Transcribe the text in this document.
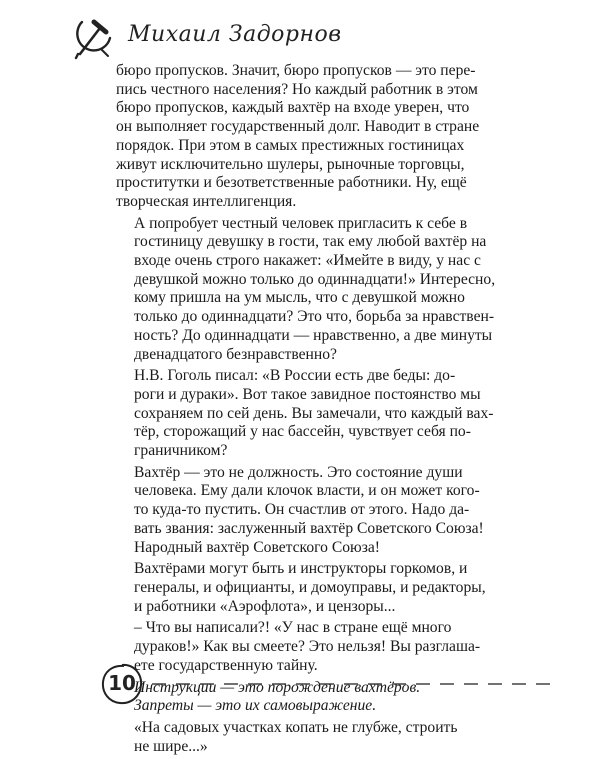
Михаил Задорнов
бюро пропусков. Значит, бюро пропусков — это пере-
пись честного населения? Но каждый работник в этом
бюро пропусков, каждый вахтёр на входе уверен, что
он выполняет государственный долг. Наводит в стране
порядок. При этом в самых престижных гостиницах
живут исключительно шулеры, рыночные торговцы,
проститутки и безответственные работники. Ну, ещё
творческая интеллигенция.
А попробует честный человек пригласить к себе в
гостиницу девушку в гости, так ему любой вахтёр на
входе очень строго накажет: «Имейте в виду, у нас с
девушкой можно только до одиннадцати!» Интересно,
кому пришла на ум мысль, что с девушкой можно
только до одиннадцати? Это что, борьба за нравствен-
ность? До одиннадцати — нравственно, а две минуты
двенадцатого безнравственно?
Н.В. Гоголь писал: «В России есть две беды: до-
роги и дураки». Вот такое завидное постоянство мы
сохраняем по сей день. Вы замечали, что каждый вах-
тёр, сторожащий у нас бассейн, чувствует себя по-
граничником?
Вахтёр — это не должность. Это состояние души
человека. Ему дали клочок власти, и он может кого-
то куда-то пустить. Он счастлив от этого. Надо да-
вать звания: заслуженный вахтёр Советского Союза!
Народный вахтёр Советского Союза!
Вахтёрами могут быть и инструкторы горкомов, и
генералы, и официанты, и домоуправы, и редакторы,
и работники «Аэрофлота», и цензоры...
– Что вы написали?! «У нас в стране ещё много
дураков!» Как вы смеете? Это нельзя! Вы разглаша-
ете государственную тайну.
Инструкции — это порождение вахтёров.
Запреты — это их самовыражение.
«На садовых участках копать не глубже, строить
не шире...»
10
